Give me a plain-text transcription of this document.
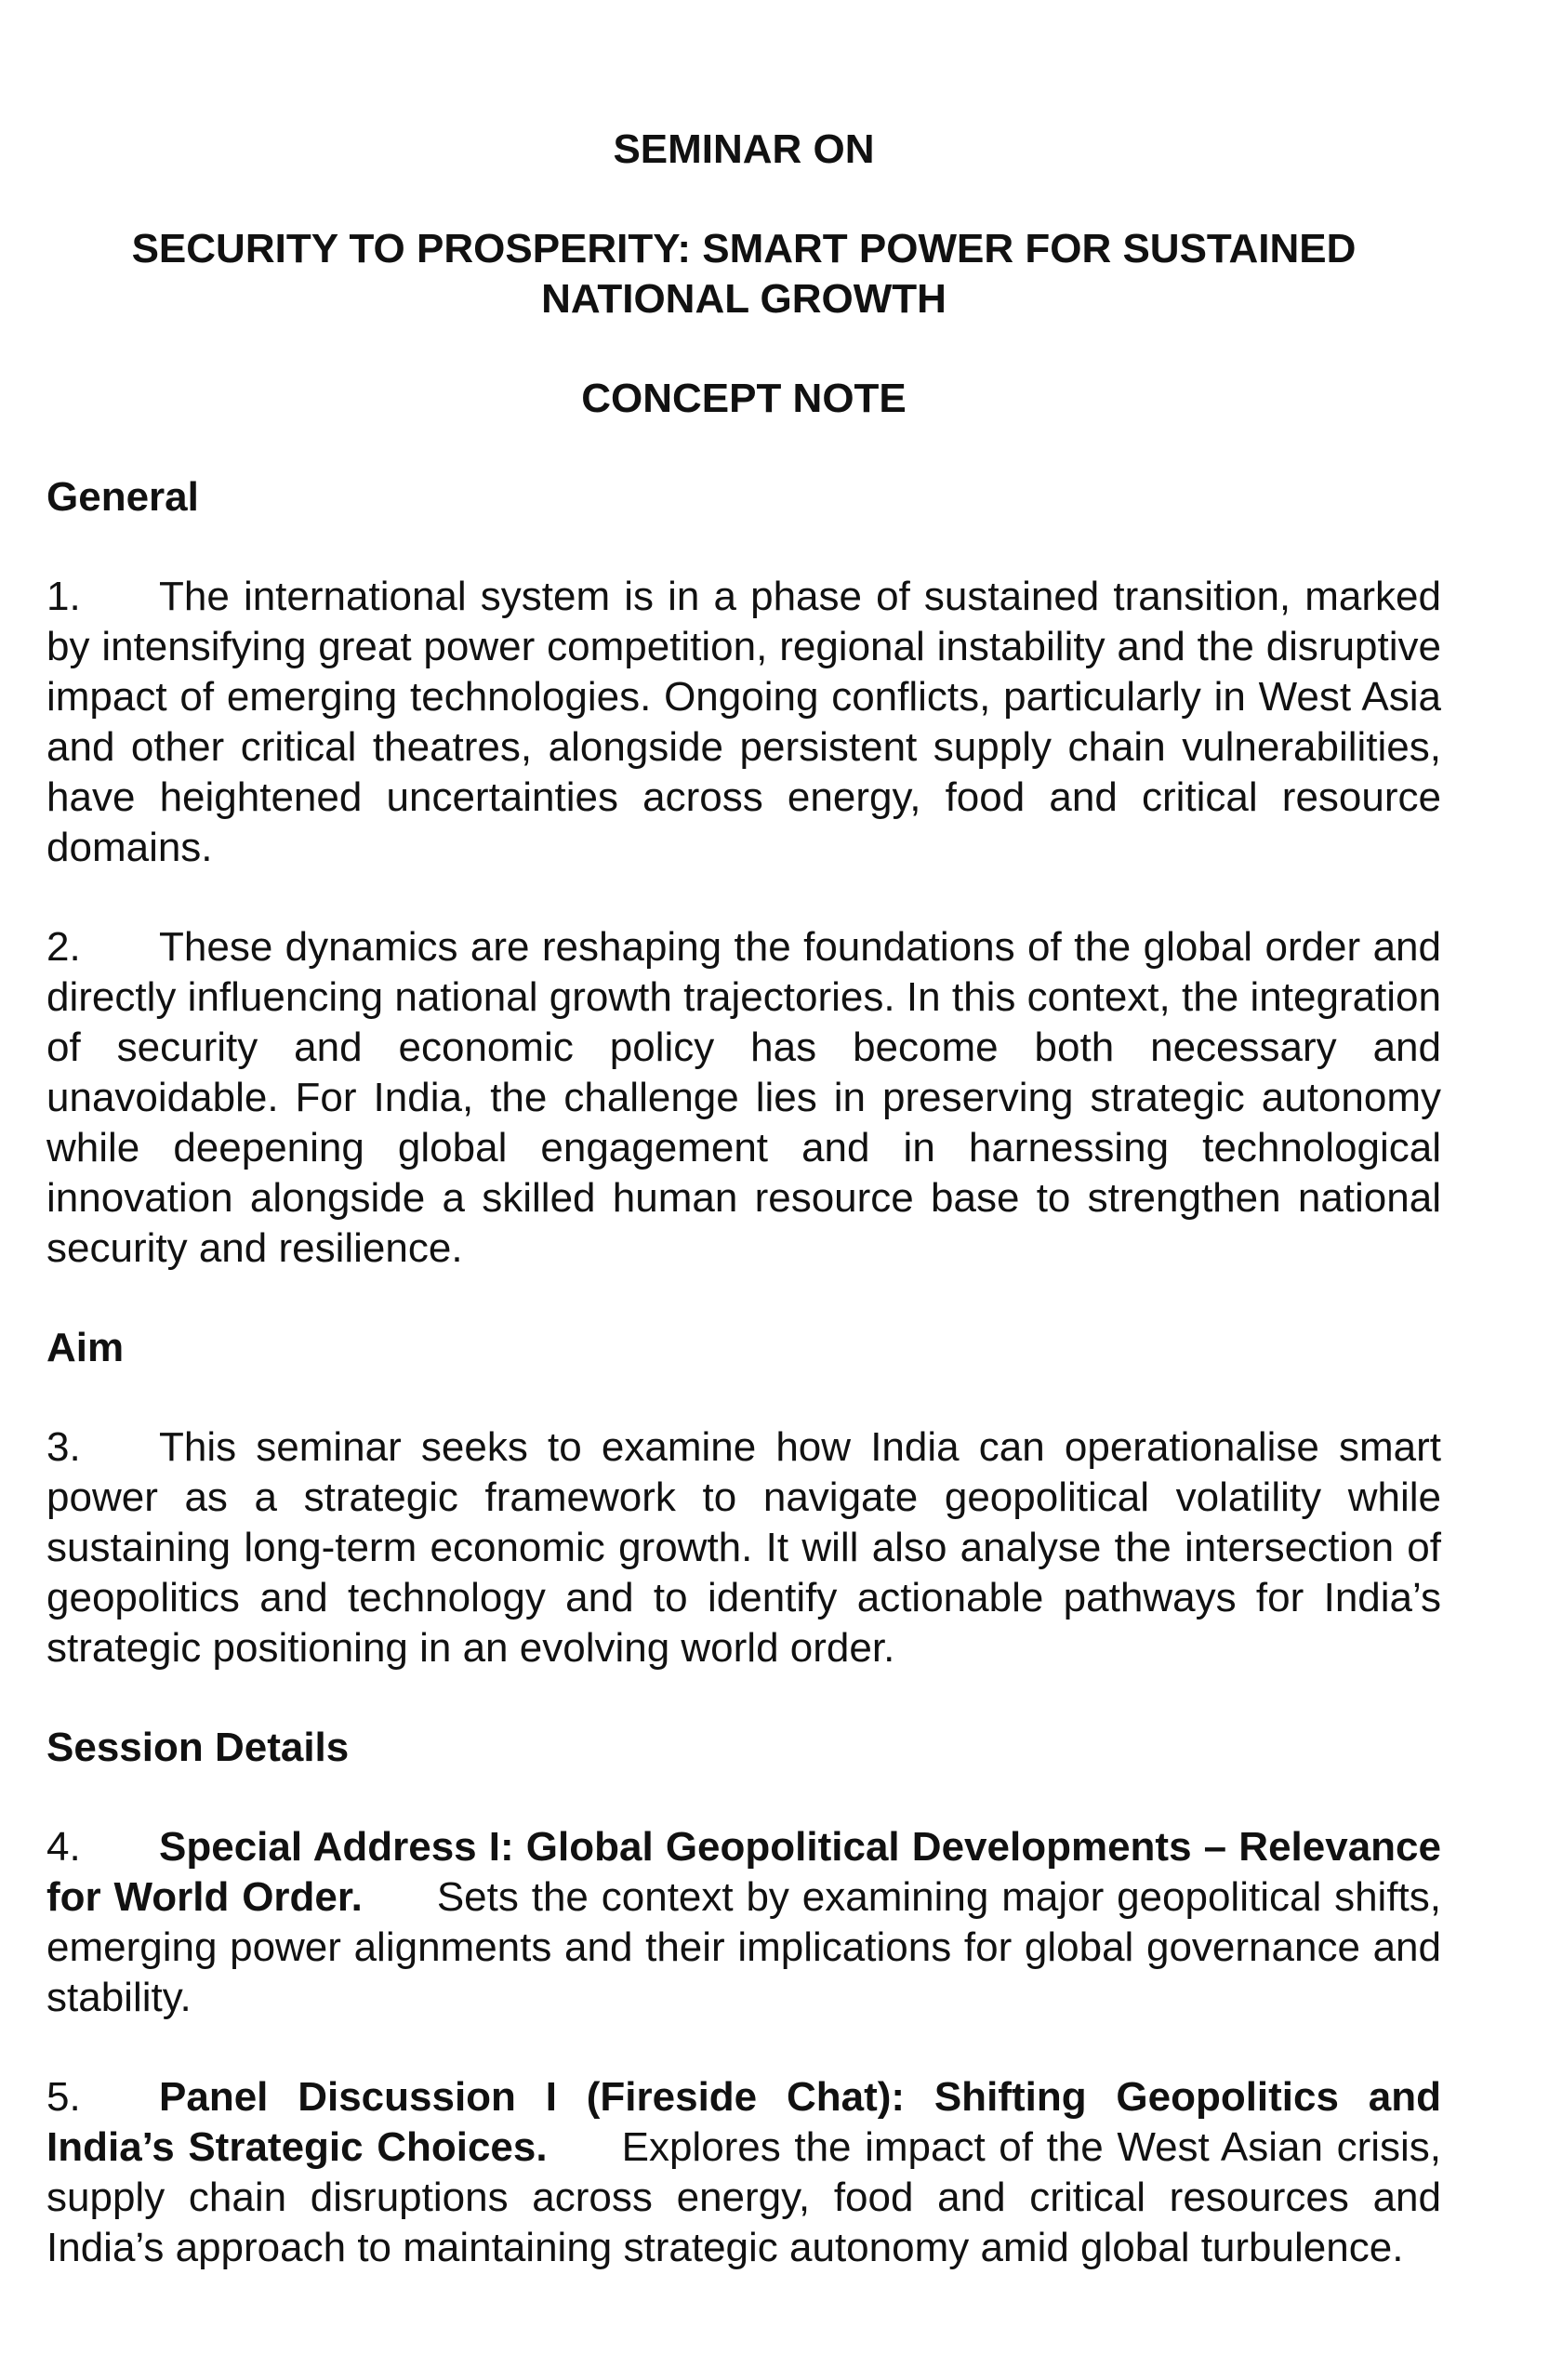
SEMINAR ON

SECURITY TO PROSPERITY: SMART POWER FOR SUSTAINED NATIONAL GROWTH

CONCEPT NOTE

General

1. The international system is in a phase of sustained transition, marked by intensifying great power competition, regional instability and the disruptive impact of emerging technologies. Ongoing conflicts, particularly in West Asia and other critical theatres, alongside persistent supply chain vulnerabilities, have heightened uncertainties across energy, food and critical resource domains.

2. These dynamics are reshaping the foundations of the global order and directly influencing national growth trajectories. In this context, the integration of security and economic policy has become both necessary and unavoidable. For India, the challenge lies in preserving strategic autonomy while deepening global engagement and in harnessing technological innovation alongside a skilled human resource base to strengthen national security and resilience.

Aim

3. This seminar seeks to examine how India can operationalise smart power as a strategic framework to navigate geopolitical volatility while sustaining long-term economic growth. It will also analyse the intersection of geopolitics and technology and to identify actionable pathways for India’s strategic positioning in an evolving world order.

Session Details

4. Special Address I: Global Geopolitical Developments – Relevance for World Order. Sets the context by examining major geopolitical shifts, emerging power alignments and their implications for global governance and stability.

5. Panel Discussion I (Fireside Chat): Shifting Geopolitics and India’s Strategic Choices. Explores the impact of the West Asian crisis, supply chain disruptions across energy, food and critical resources and India’s approach to maintaining strategic autonomy amid global turbulence.
